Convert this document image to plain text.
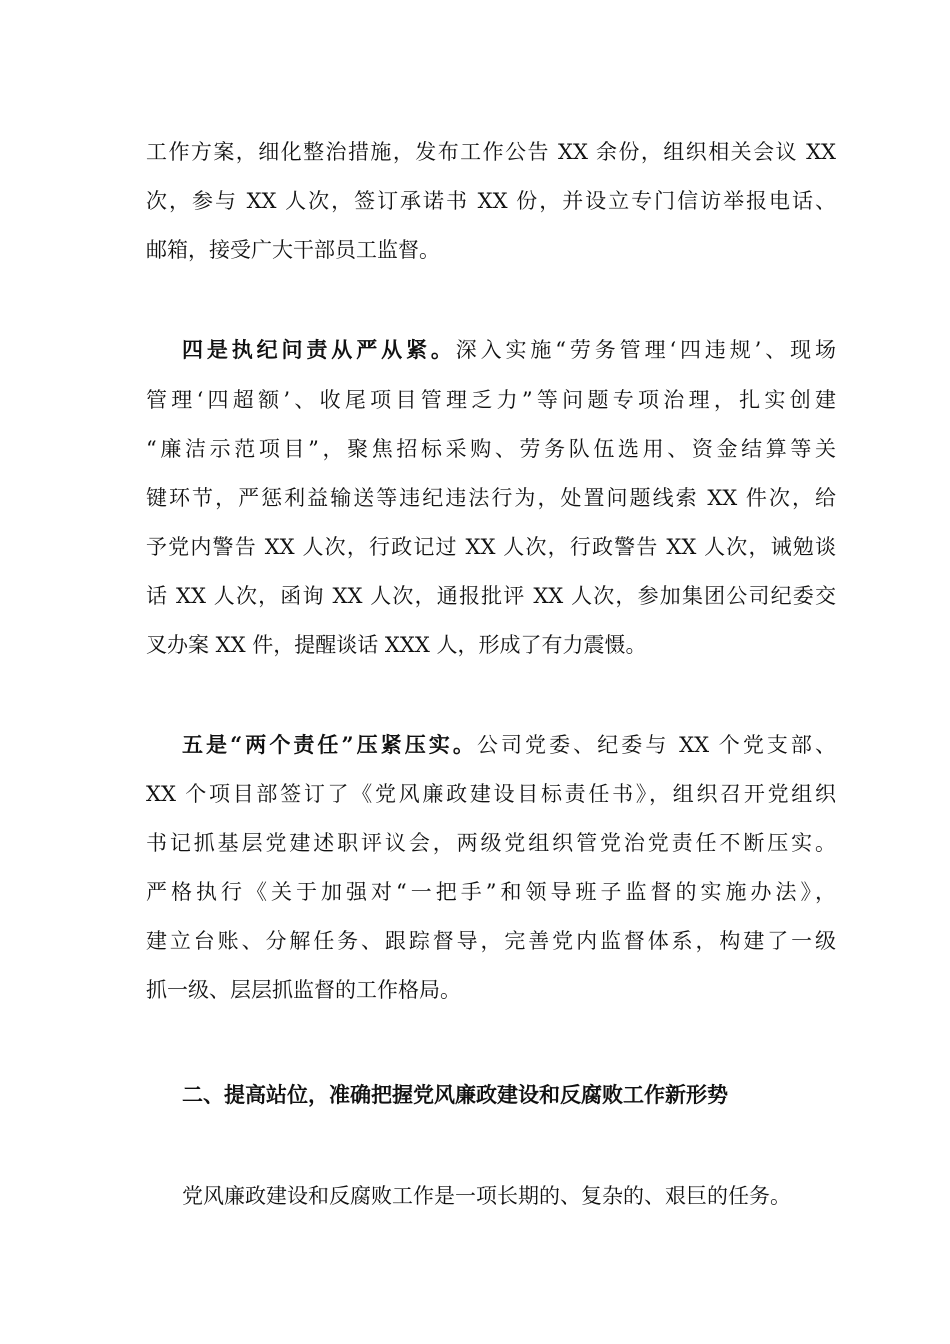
工作方案，细化整治措施，发布工作公告 XX 余份，组织相关会议 XX
次，参与 XX 人次，签订承诺书 XX 份，并设立专门信访举报电话、
邮箱，接受广大干部员工监督。
四是执纪问责从严从紧。深入实施“劳务管理‘四违规’、现场
管理‘四超额’、收尾项目管理乏力”等问题专项治理，扎实创建
“廉洁示范项目”，聚焦招标采购、劳务队伍选用、资金结算等关
键环节，严惩利益输送等违纪违法行为，处置问题线索 XX 件次，给
予党内警告 XX 人次，行政记过 XX 人次，行政警告 XX 人次，诫勉谈
话 XX 人次，函询 XX 人次，通报批评 XX 人次，参加集团公司纪委交
叉办案 XX 件，提醒谈话 XXX 人，形成了有力震慑。
五是“两个责任”压紧压实。公司党委、纪委与 XX 个党支部、
XX 个项目部签订了《党风廉政建设目标责任书》，组织召开党组织
书记抓基层党建述职评议会，两级党组织管党治党责任不断压实。
严格执行《关于加强对“一把手”和领导班子监督的实施办法》，
建立台账、分解任务、跟踪督导，完善党内监督体系，构建了一级
抓一级、层层抓监督的工作格局。
二、提高站位，准确把握党风廉政建设和反腐败工作新形势
党风廉政建设和反腐败工作是一项长期的、复杂的、艰巨的任务。
